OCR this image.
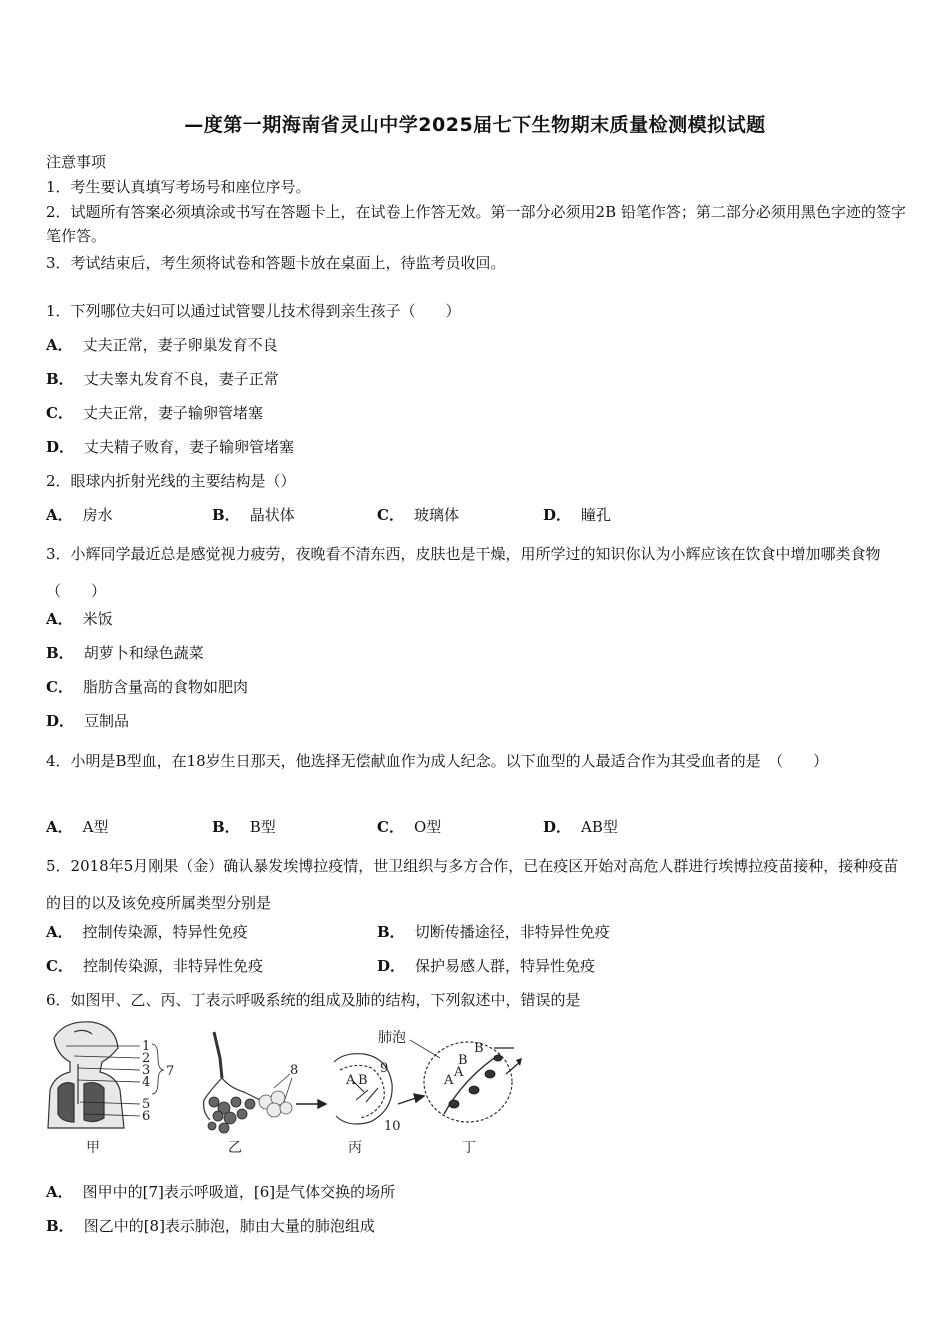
—度第一期海南省灵山中学2025届七下生物期末质量检测模拟试题
注意事项
1．考生要认真填写考场号和座位序号。
2．试题所有答案必须填涂或书写在答题卡上，在试卷上作答无效。第一部分必须用2B 铅笔作答；第二部分必须用黑色字迹的签字笔作答。
3．考试结束后，考生须将试卷和答题卡放在桌面上，待监考员收回。
1．下列哪位夫妇可以通过试管婴儿技术得到亲生孩子（　　）
A． 丈夫正常，妻子卵巢发育不良
B． 丈夫睾丸发育不良，妻子正常
C． 丈夫正常，妻子输卵管堵塞
D． 丈夫精子败育，妻子输卵管堵塞
2．眼球内折射光线的主要结构是（）
A． 房水	B． 晶状体	C． 玻璃体	D． 瞳孔
3．小辉同学最近总是感觉视力疲劳，夜晚看不清东西，皮肤也是干燥，用所学过的知识你认为小辉应该在饮食中增加哪类食物（　　）
A． 米饭
B． 胡萝卜和绿色蔬菜
C． 脂肪含量高的食物如肥肉
D． 豆制品
4．小明是B型血，在18岁生日那天，他选择无偿献血作为成人纪念。以下血型的人最适合作为其受血者的是　（　　）
A． A型	B． B型	C． O型	D． AB型
5．2018年5月刚果（金）确认暴发埃博拉疫情，世卫组织与多方合作，已在疫区开始对高危人群进行埃博拉疫苗接种，接种疫苗的目的以及该免疫所属类型分别是
A． 控制传染源，特异性免疫	B． 切断传播途径，非特异性免疫
C． 控制传染源，非特异性免疫	D． 保护易感人群，特异性免疫
6．如图甲、乙、丙、丁表示呼吸系统的组成及肺的结构，下列叙述中，错误的是
1
2
3
4
5
6
7
甲
8
乙
A B
9
10
丙
肺泡
A
B
B
A
丁
A． 图甲中的[7]表示呼吸道，[6]是气体交换的场所
B． 图乙中的[8]表示肺泡，肺由大量的肺泡组成
